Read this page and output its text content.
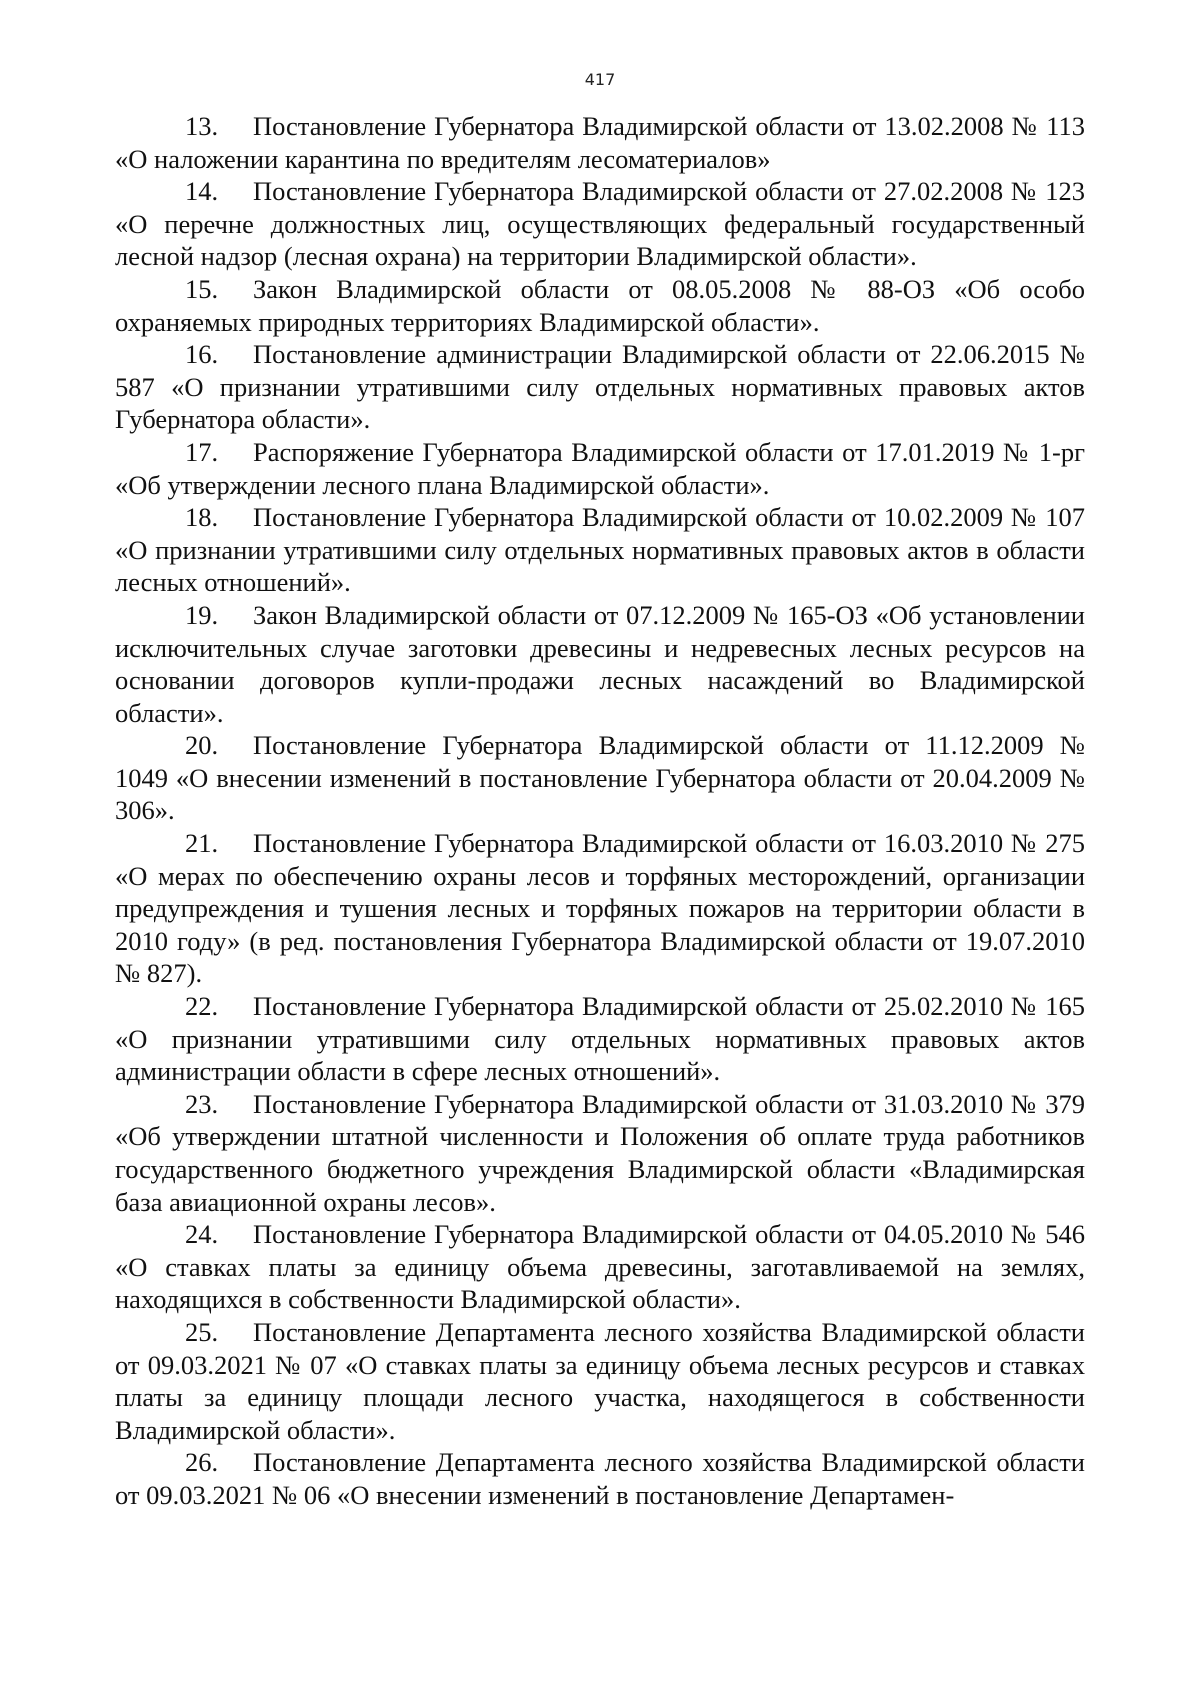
417

13. Постановление Губернатора Владимирской области от 13.02.2008 № 113 «О наложении карантина по вредителям лесоматериалов»

14. Постановление Губернатора Владимирской области от 27.02.2008 № 123 «О перечне должностных лиц, осуществляющих федеральный государственный лесной надзор (лесная охрана) на территории Владимирской области».

15. Закон Владимирской области от 08.05.2008 № 88-ОЗ «Об особо охраняемых природных территориях Владимирской области».

16. Постановление администрации Владимирской области от 22.06.2015 № 587 «О признании утратившими силу отдельных нормативных правовых актов Губернатора области».

17. Распоряжение Губернатора Владимирской области от 17.01.2019 № 1-рг «Об утверждении лесного плана Владимирской области».

18. Постановление Губернатора Владимирской области от 10.02.2009 № 107 «О признании утратившими силу отдельных нормативных правовых актов в области лесных отношений».

19. Закон Владимирской области от 07.12.2009 № 165-ОЗ «Об установлении исключительных случае заготовки древесины и недревесных лесных ресурсов на основании договоров купли-продажи лесных насаждений во Владимирской области».

20. Постановление Губернатора Владимирской области от 11.12.2009 № 1049 «О внесении изменений в постановление Губернатора области от 20.04.2009 № 306».

21. Постановление Губернатора Владимирской области от 16.03.2010 № 275 «О мерах по обеспечению охраны лесов и торфяных месторождений, организации предупреждения и тушения лесных и торфяных пожаров на территории области в 2010 году» (в ред. постановления Губернатора Владимирской области от 19.07.2010 № 827).

22. Постановление Губернатора Владимирской области от 25.02.2010 № 165 «О признании утратившими силу отдельных нормативных правовых актов администрации области в сфере лесных отношений».

23. Постановление Губернатора Владимирской области от 31.03.2010 № 379 «Об утверждении штатной численности и Положения об оплате труда работников государственного бюджетного учреждения Владимирской области «Владимирская база авиационной охраны лесов».

24. Постановление Губернатора Владимирской области от 04.05.2010 № 546 «О ставках платы за единицу объема древесины, заготавливаемой на землях, находящихся в собственности Владимирской области».

25. Постановление Департамента лесного хозяйства Владимирской области от 09.03.2021 № 07 «О ставках платы за единицу объема лесных ресурсов и ставках платы за единицу площади лесного участка, находящегося в собственности Владимирской области».

26. Постановление Департамента лесного хозяйства Владимирской области от 09.03.2021 № 06 «О внесении изменений в постановление Департамен-
